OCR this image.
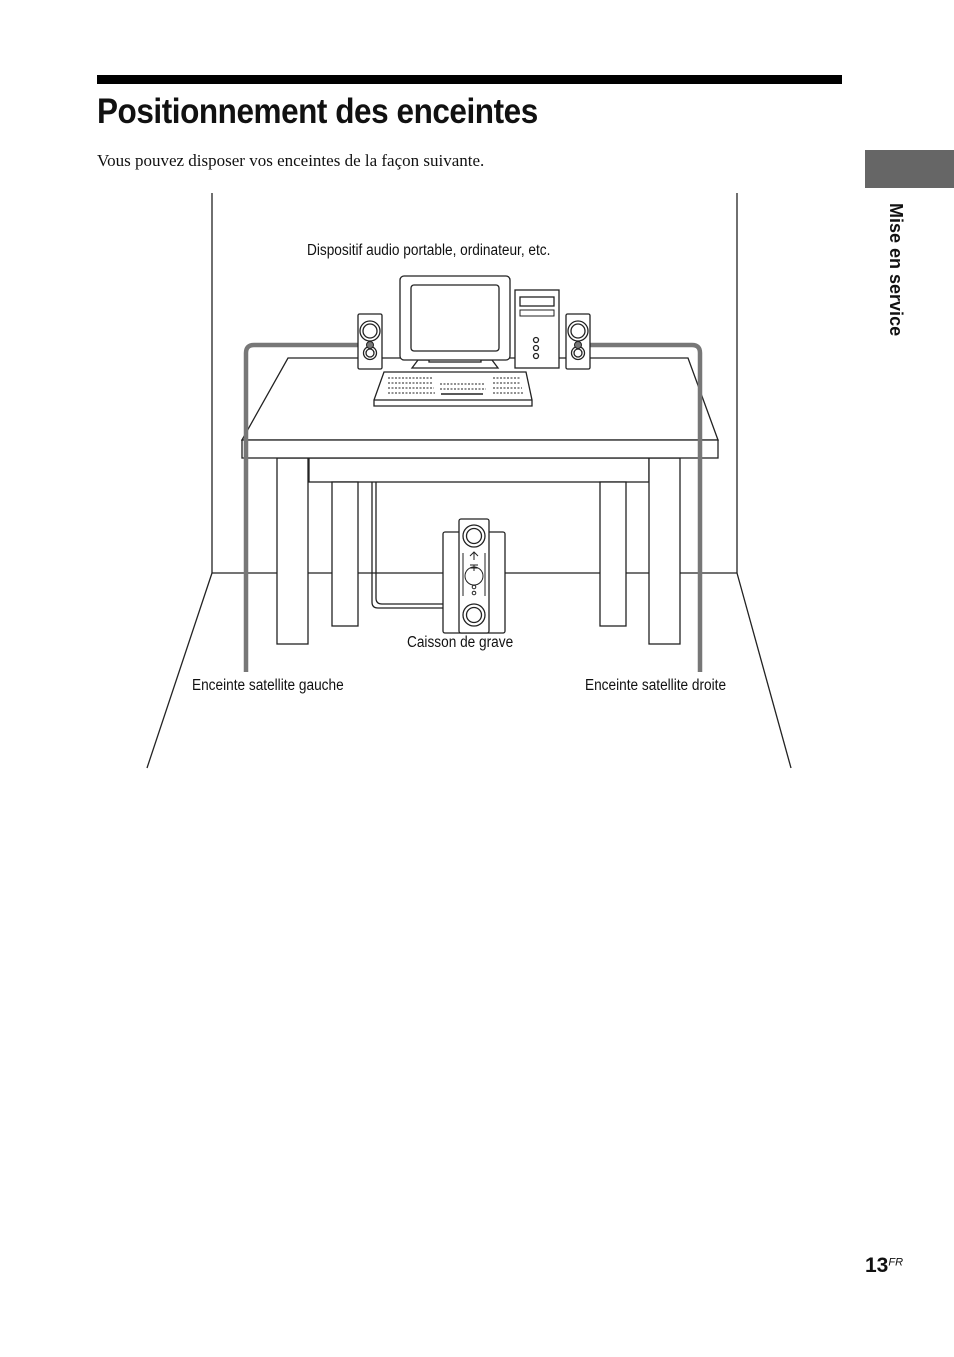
Positionnement des enceintes

Vous pouvez disposer vos enceintes de la façon suivante.

Mise en service
Dispositif audio portable, ordinateur, etc.
Caisson de grave
Enceinte satellite gauche	Enceinte satellite droite
$13^{FR}$
